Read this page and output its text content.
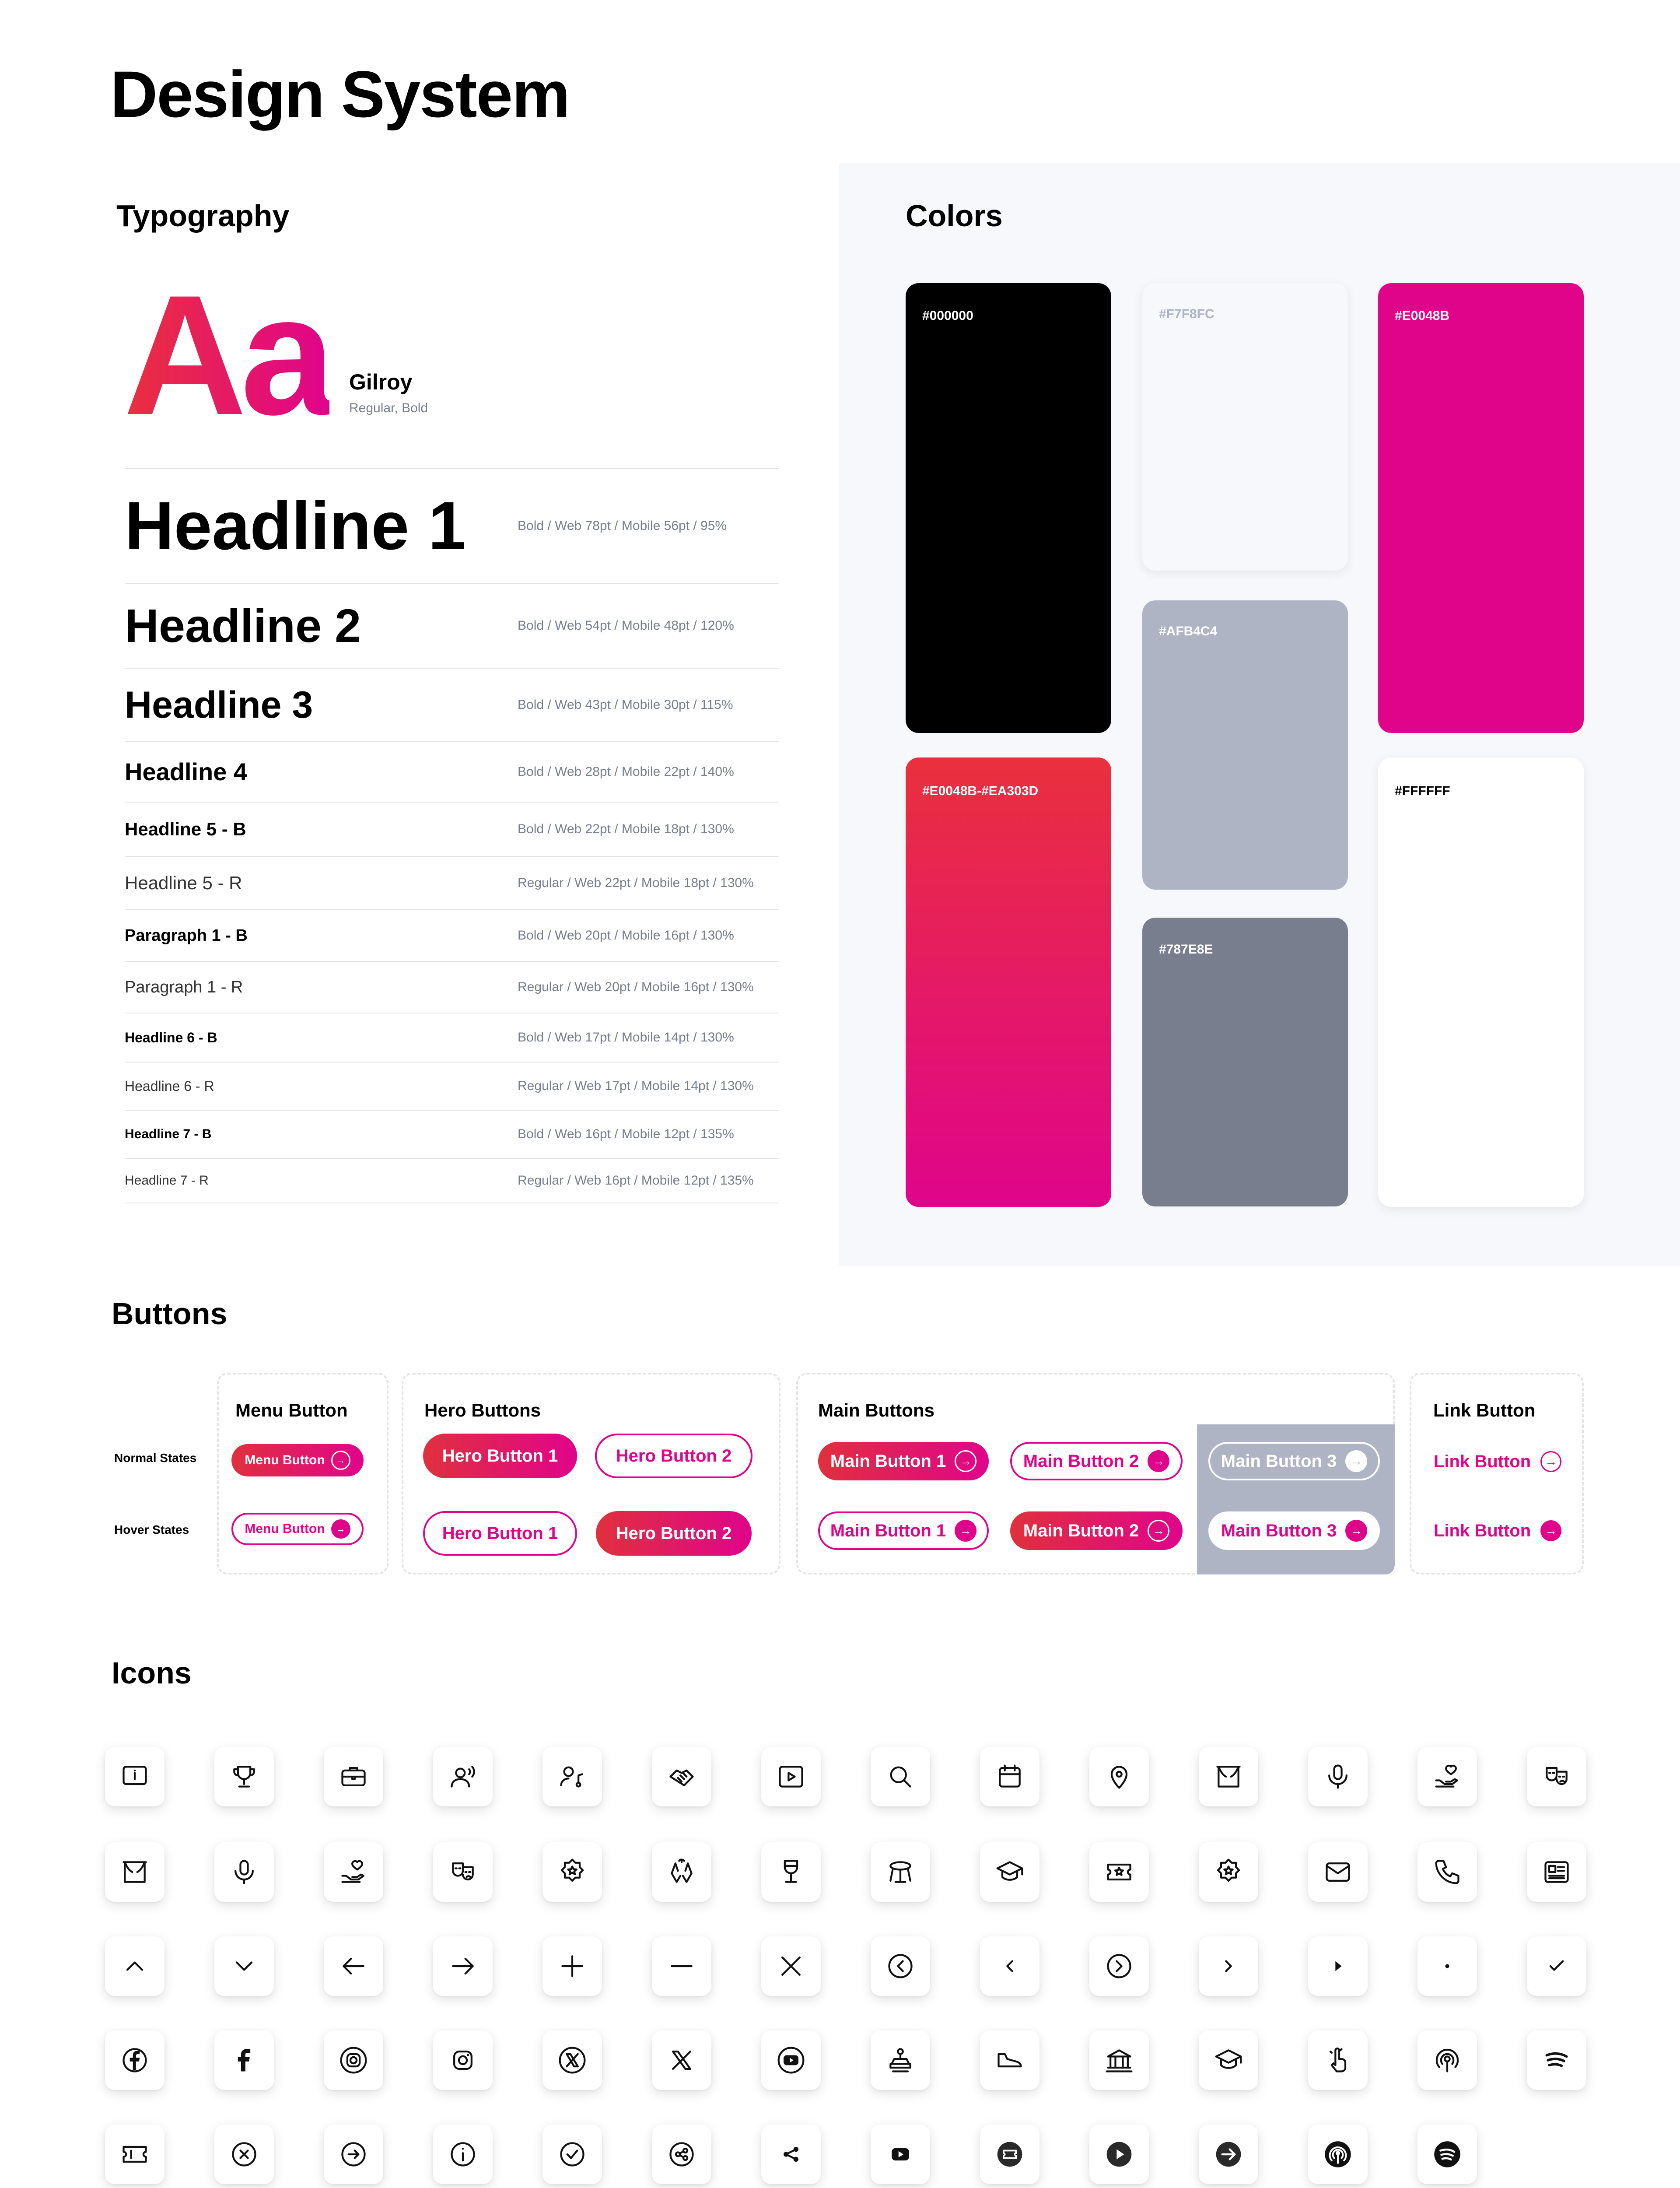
Design System
Typography
Aa Gilroy
Regular, Bold
Headline 1	Bold / Web 78pt / Mobile 56pt / 95%
Headline 2	Bold / Web 54pt / Mobile 48pt / 120%
Headline 3	Bold / Web 43pt / Mobile 30pt / 115%
Headline 4	Bold / Web 28pt / Mobile 22pt / 140%
Headline 5 - B	Bold / Web 22pt / Mobile 18pt / 130%
Headline 5 - R	Regular / Web 22pt / Mobile 18pt / 130%
Paragraph 1 - B	Bold / Web 20pt / Mobile 16pt / 130%
Paragraph 1 - R	Regular / Web 20pt / Mobile 16pt / 130%
Headline 6 - B	Bold / Web 17pt / Mobile 14pt / 130%
Headline 6 - R	Regular / Web 17pt / Mobile 14pt / 130%
Headline 7 - B	Bold / Web 16pt / Mobile 12pt / 135%
Headline 7 - R	Regular / Web 16pt / Mobile 12pt / 135%
Colors
#000000	#F7F8FC	#E0048B
#E0048B-#EA303D
#AFB4C4
#787E8E
#FFFFFF
Buttons
Normal States
Hover States
Menu Button
Menu Button	→
Menu Button	→
Hero Buttons
Hero Button 1	Hero Button 2
Hero Button 1	Hero Button 2
Main Buttons
Main Button 1	→	Main Button 2	→	Main Button 3	→
Main Button 1	→	Main Button 2	→	Main Button 3	→
Link Button
Link Button	→
Link Button	→
Icons
